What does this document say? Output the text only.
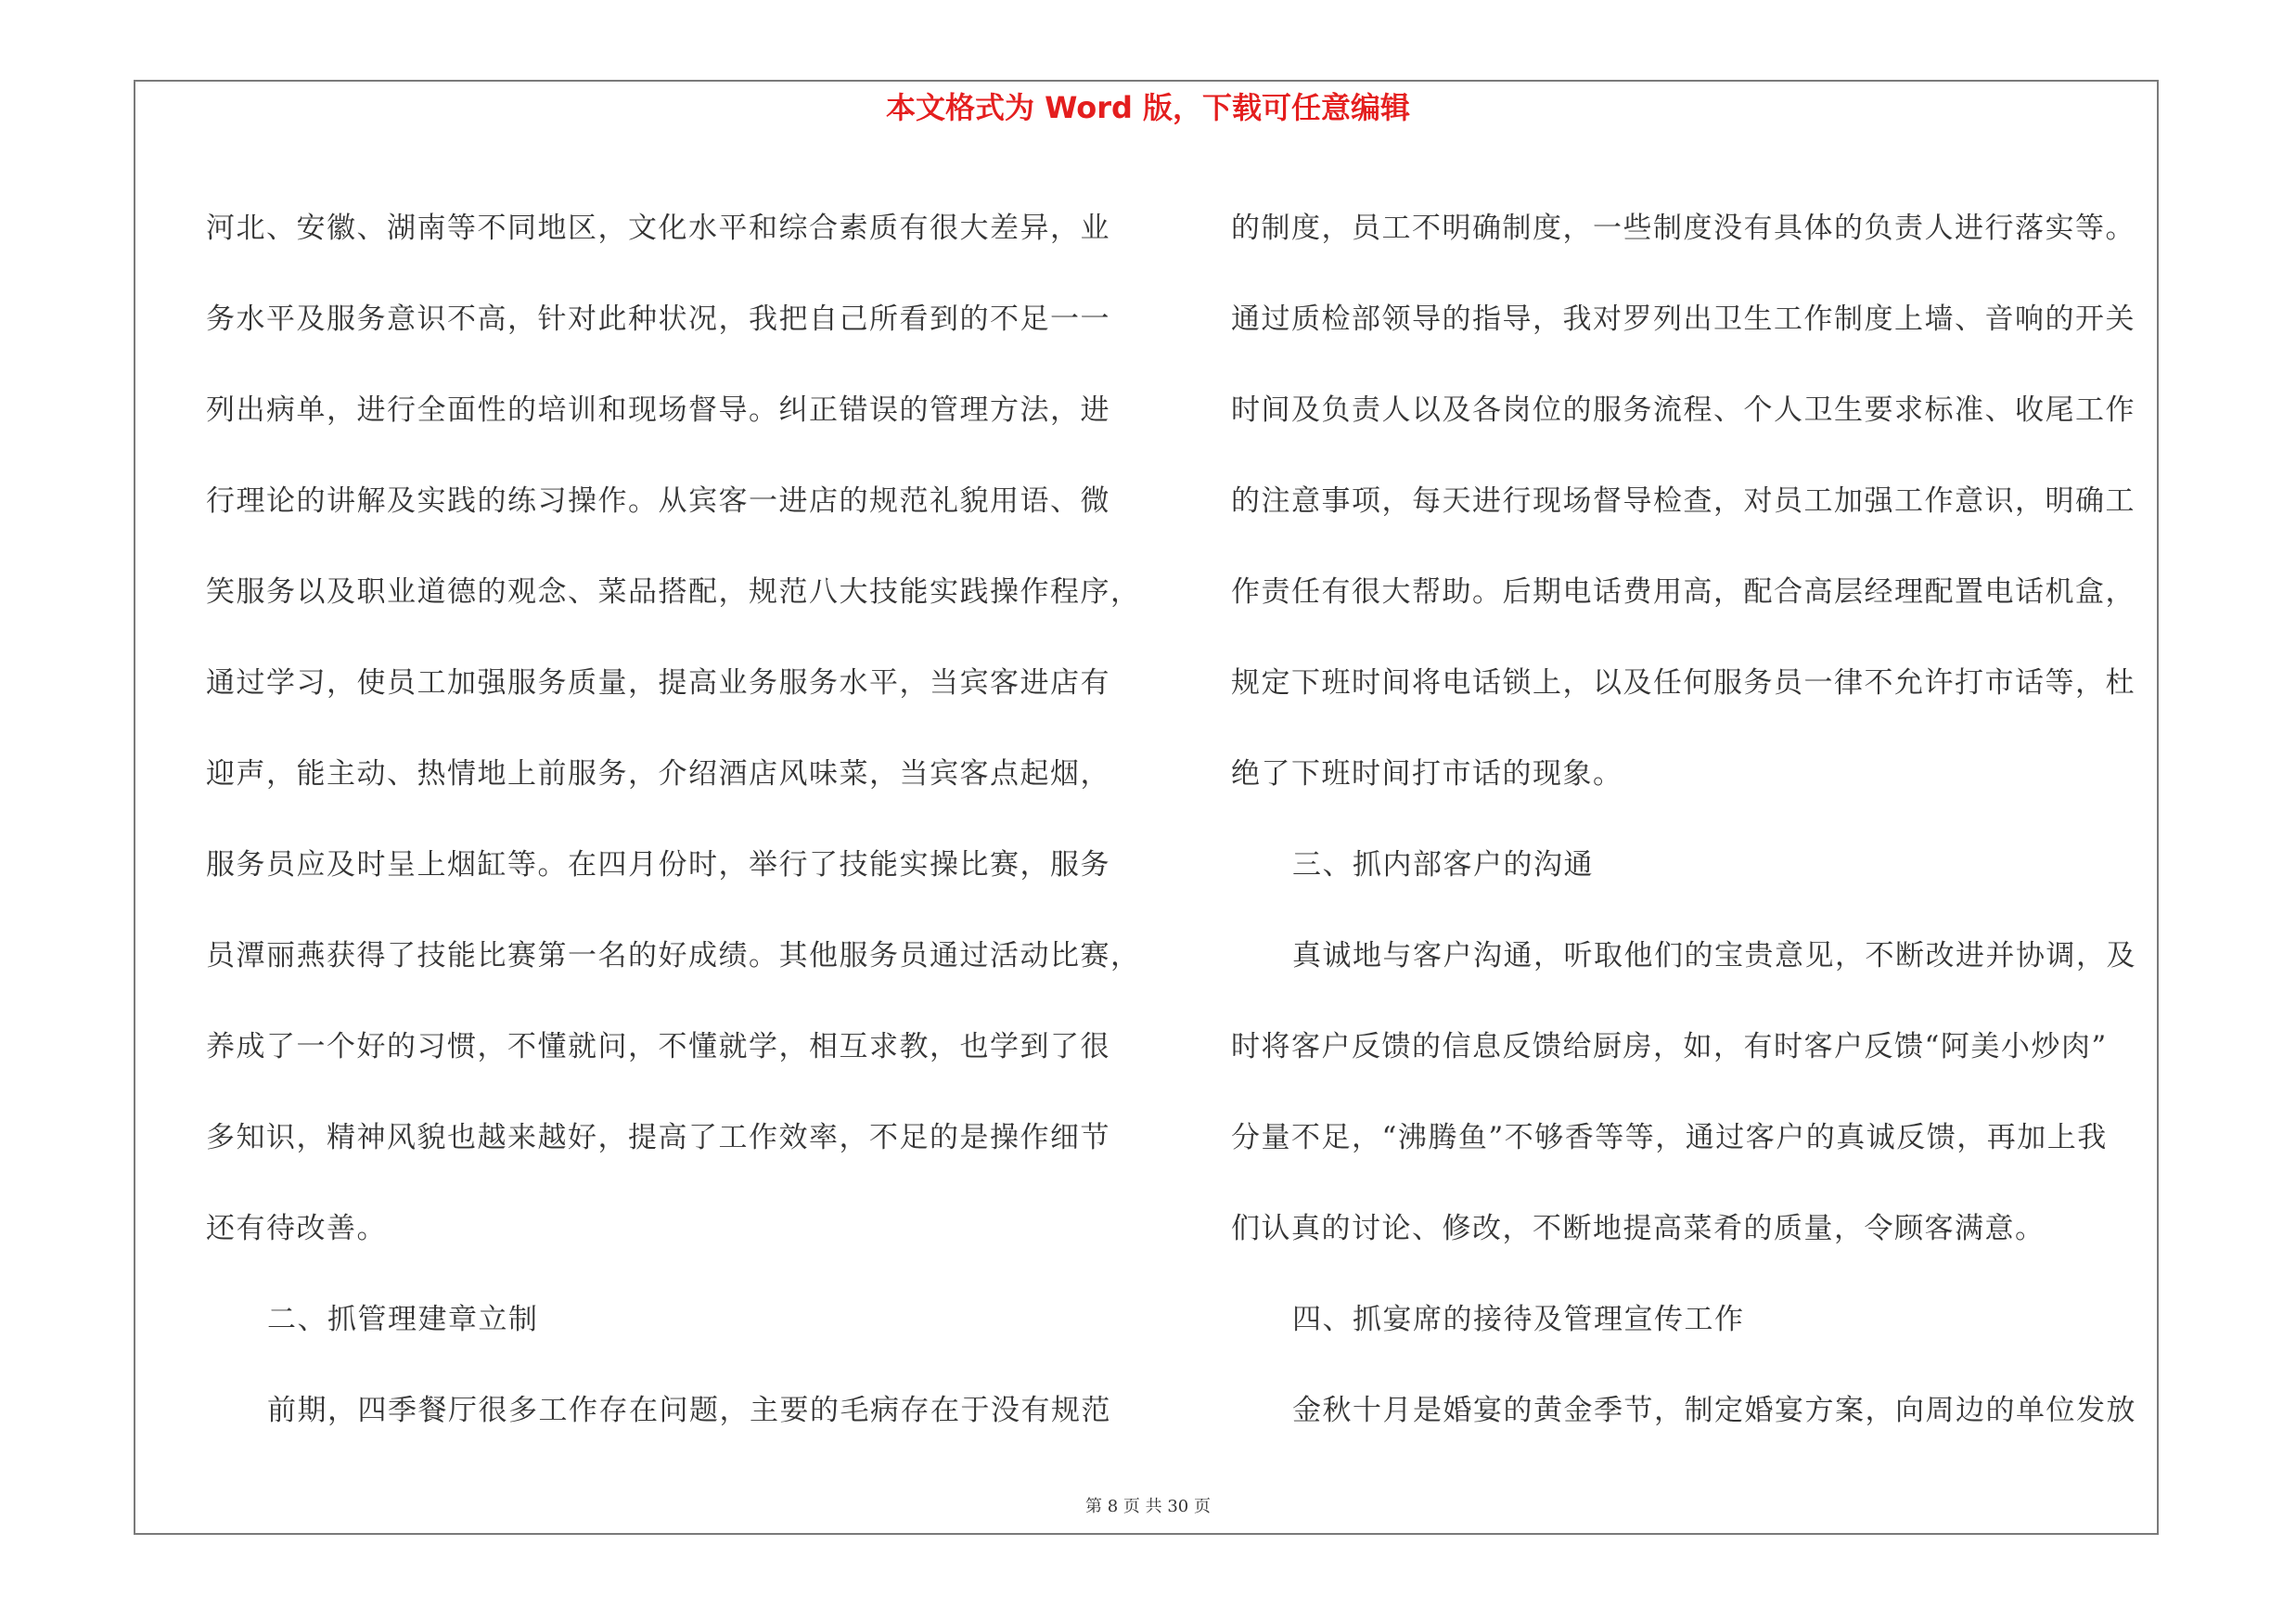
本文格式为 Word 版，下载可任意编辑
河北、安徽、湖南等不同地区，文化水平和综合素质有很大差异，业
务水平及服务意识不高，针对此种状况，我把自己所看到的不足一一
列出病单，进行全面性的培训和现场督导。纠正错误的管理方法，进
行理论的讲解及实践的练习操作。从宾客一进店的规范礼貌用语、微
笑服务以及职业道德的观念、菜品搭配，规范八大技能实践操作程序，
通过学习，使员工加强服务质量，提高业务服务水平，当宾客进店有
迎声，能主动、热情地上前服务，介绍酒店风味菜，当宾客点起烟，
服务员应及时呈上烟缸等。在四月份时，举行了技能实操比赛，服务
员潭丽燕获得了技能比赛第一名的好成绩。其他服务员通过活动比赛，
养成了一个好的习惯，不懂就问，不懂就学，相互求教，也学到了很
多知识，精神风貌也越来越好，提高了工作效率，不足的是操作细节
还有待改善。
二、抓管理建章立制
前期，四季餐厅很多工作存在问题，主要的毛病存在于没有规范
的制度，员工不明确制度，一些制度没有具体的负责人进行落实等。
通过质检部领导的指导，我对罗列出卫生工作制度上墙、音响的开关
时间及负责人以及各岗位的服务流程、个人卫生要求标准、收尾工作
的注意事项，每天进行现场督导检查，对员工加强工作意识，明确工
作责任有很大帮助。后期电话费用高，配合高层经理配置电话机盒，
规定下班时间将电话锁上，以及任何服务员一律不允许打市话等，杜
绝了下班时间打市话的现象。
三、抓内部客户的沟通
真诚地与客户沟通，听取他们的宝贵意见，不断改进并协调，及
时将客户反馈的信息反馈给厨房，如，有时客户反馈“阿美小炒肉”
分量不足，“沸腾鱼”不够香等等，通过客户的真诚反馈，再加上我
们认真的讨论、修改，不断地提高菜肴的质量，令顾客满意。
四、抓宴席的接待及管理宣传工作
金秋十月是婚宴的黄金季节，制定婚宴方案，向周边的单位发放
第 8 页 共 30 页
